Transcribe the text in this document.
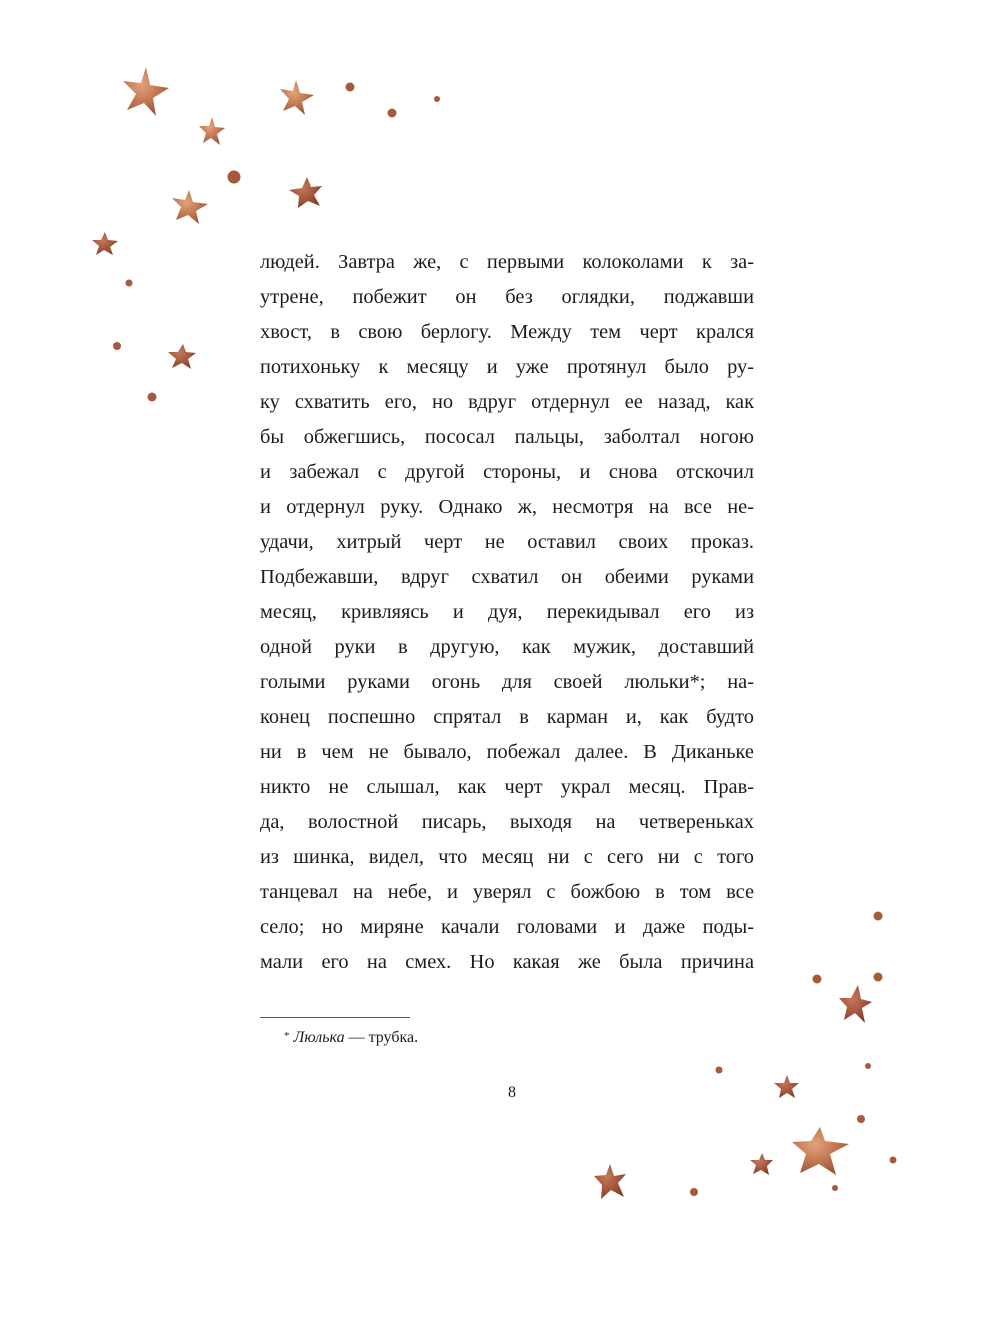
людей. Завтра же, с первыми колоколами к за-
утрене, побежит он без оглядки, поджавши
хвост, в свою берлогу. Между тем черт крался
потихоньку к месяцу и уже протянул было ру-
ку схватить его, но вдруг отдернул ее назад, как
бы обжегшись, пососал пальцы, заболтал ногою
и забежал с другой стороны, и снова отскочил
и отдернул руку. Однако ж, несмотря на все не-
удачи, хитрый черт не оставил своих проказ.
Подбежавши, вдруг схватил он обеими руками
месяц, кривляясь и дуя, перекидывал его из
одной руки в другую, как мужик, доставший
голыми руками огонь для своей люльки*; на-
конец поспешно спрятал в карман и, как будто
ни в чем не бывало, побежал далее. В Диканьке
никто не слышал, как черт украл месяц. Прав-
да, волостной писарь, выходя на четвереньках
из шинка, видел, что месяц ни с сего ни с того
танцевал на небе, и уверял с божбою в том все
село; но миряне качали головами и даже поды-
мали его на смех. Но какая же была причина
* Люлька — трубка.
8
